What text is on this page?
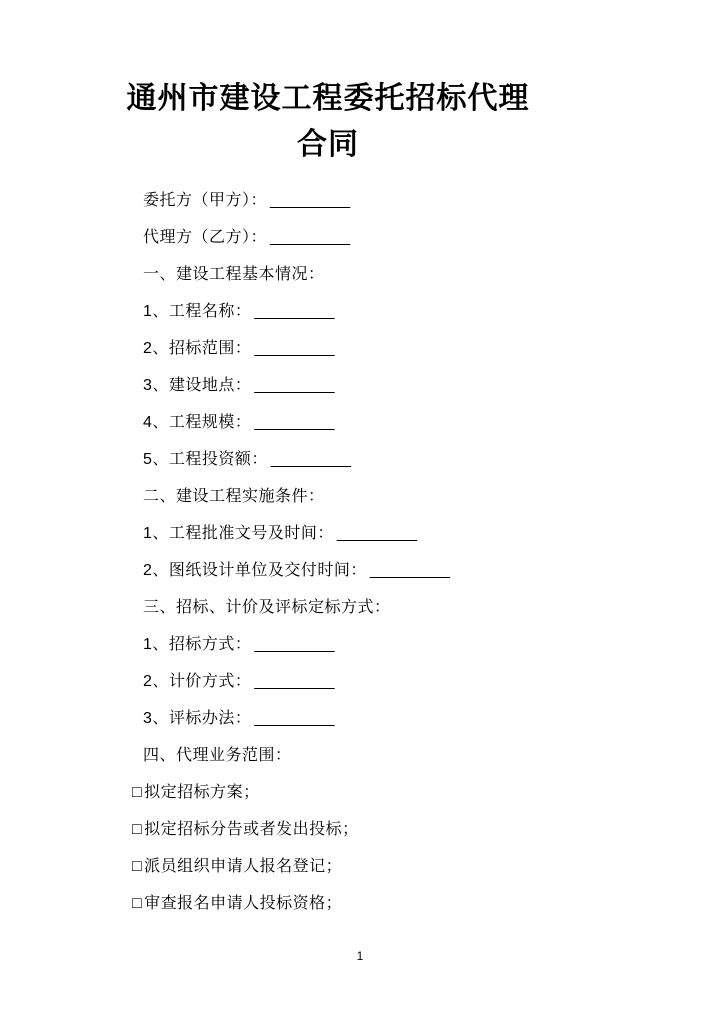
通州市建设工程委托招标代理
合同
委托方（甲方）： _________
代理方（乙方）： _________
一、建设工程基本情况：
1、工程名称： _________
2、招标范围： _________
3、建设地点： _________
4、工程规模： _________
5、工程投资额： _________
二、建设工程实施条件：
1、工程批准文号及时间： _________
2、图纸设计单位及交付时间： _________
三、招标、计价及评标定标方式：
1、招标方式： _________
2、计价方式： _________
3、评标办法： _________
四、代理业务范围：
□ 拟定招标方案；
□ 拟定招标分告或者发出投标；
□ 派员组织申请人报名登记；
□ 审查报名申请人投标资格；
1
